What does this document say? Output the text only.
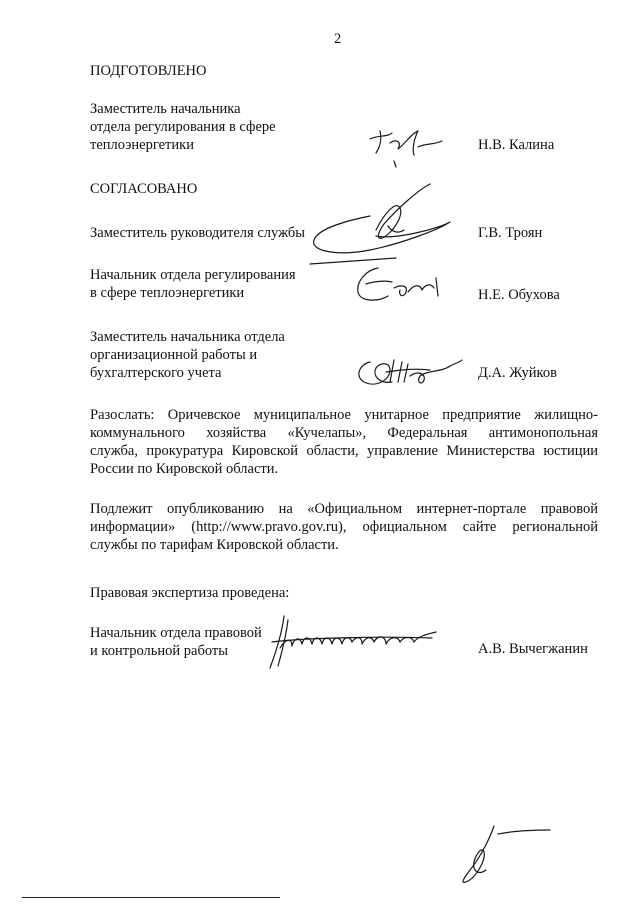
2
ПОДГОТОВЛЕНО
Заместитель начальника
отдела регулирования в сфере
теплоэнергетики	Н.В. Калина
СОГЛАСОВАНО
Заместитель руководителя службы	Г.В. Троян
Начальник отдела регулирования
в сфере теплоэнергетики	Н.Е. Обухова
Заместитель начальника отдела
организационной работы и
бухгалтерского учета	Д.А. Жуйков
Разослать: Оричевское муниципальное унитарное предприятие жилищно-
коммунального хозяйства «Кучелапы», Федеральная антимонопольная
служба, прокуратура Кировской области, управление Министерства юстиции
России по Кировской области.
Подлежит опубликованию на «Официальном интернет-портале правовой
информации» (http://www.pravo.gov.ru), официальном сайте региональной
службы по тарифам Кировской области.
Правовая экспертиза проведена:
Начальник отдела правовой
и контрольной работы	А.В. Вычегжанин
